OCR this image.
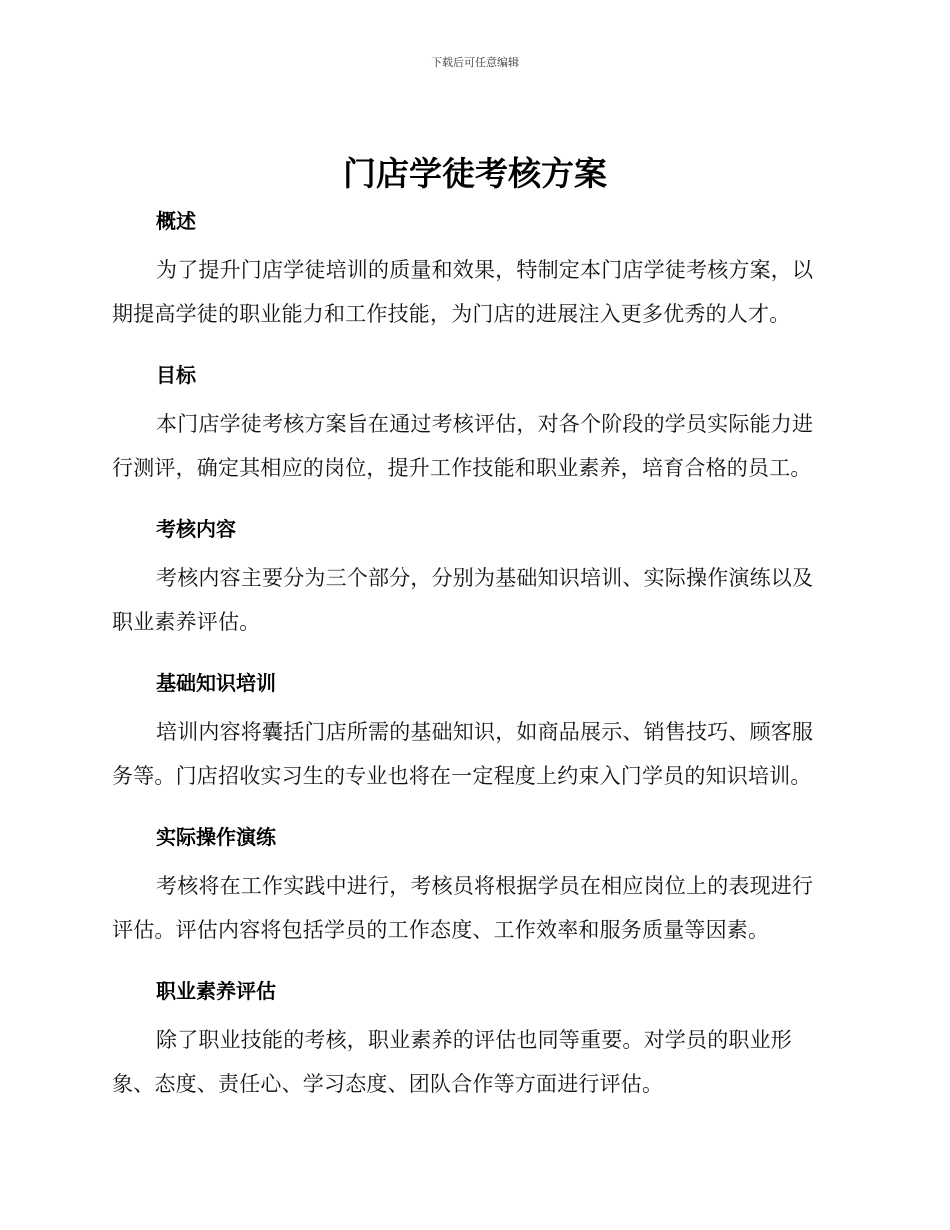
下载后可任意编辑
门店学徒考核方案
概述

为了提升门店学徒培训的质量和效果，特制定本门店学徒考核方案，以期提高学徒的职业能力和工作技能，为门店的进展注入更多优秀的人才。

目标

本门店学徒考核方案旨在通过考核评估，对各个阶段的学员实际能力进行测评，确定其相应的岗位，提升工作技能和职业素养，培育合格的员工。

考核内容

考核内容主要分为三个部分，分别为基础知识培训、实际操作演练以及职业素养评估。

基础知识培训

培训内容将囊括门店所需的基础知识，如商品展示、销售技巧、顾客服务等。门店招收实习生的专业也将在一定程度上约束入门学员的知识培训。

实际操作演练

考核将在工作实践中进行，考核员将根据学员在相应岗位上的表现进行评估。评估内容将包括学员的工作态度、工作效率和服务质量等因素。

职业素养评估

除了职业技能的考核，职业素养的评估也同等重要。对学员的职业形象、态度、责任心、学习态度、团队合作等方面进行评估。
